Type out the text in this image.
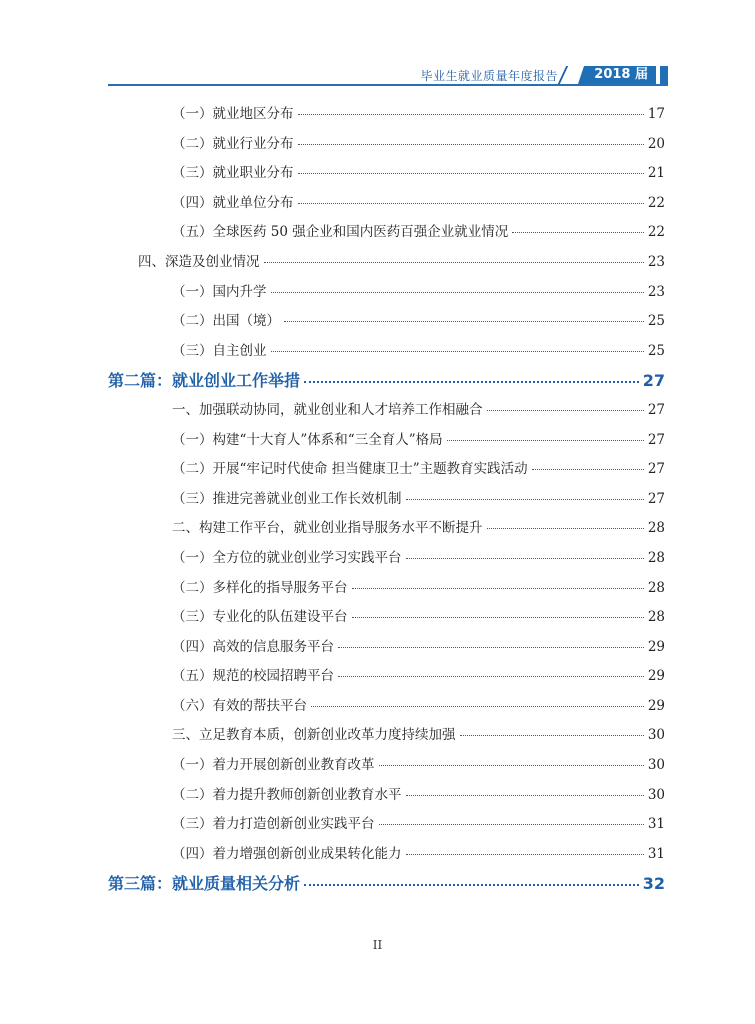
毕业生就业质量年度报告	2018 届
（一）就业地区分布	17
（二）就业行业分布	20
（三）就业职业分布	21
（四）就业单位分布	22
（五）全球医药 50 强企业和国内医药百强企业就业情况	22
四、深造及创业情况	23
（一）国内升学	23
（二）出国（境）	25
（三）自主创业	25
第二篇：就业创业工作举措	27
一、加强联动协同，就业创业和人才培养工作相融合	27
（一）构建“十大育人”体系和“三全育人”格局	27
（二）开展“牢记时代使命 担当健康卫士”主题教育实践活动	27
（三）推进完善就业创业工作长效机制	27
二、构建工作平台，就业创业指导服务水平不断提升	28
（一）全方位的就业创业学习实践平台	28
（二）多样化的指导服务平台	28
（三）专业化的队伍建设平台	28
（四）高效的信息服务平台	29
（五）规范的校园招聘平台	29
（六）有效的帮扶平台	29
三、立足教育本质，创新创业改革力度持续加强	30
（一）着力开展创新创业教育改革	30
（二）着力提升教师创新创业教育水平	30
（三）着力打造创新创业实践平台	31
（四）着力增强创新创业成果转化能力	31
第三篇：就业质量相关分析	32
II
